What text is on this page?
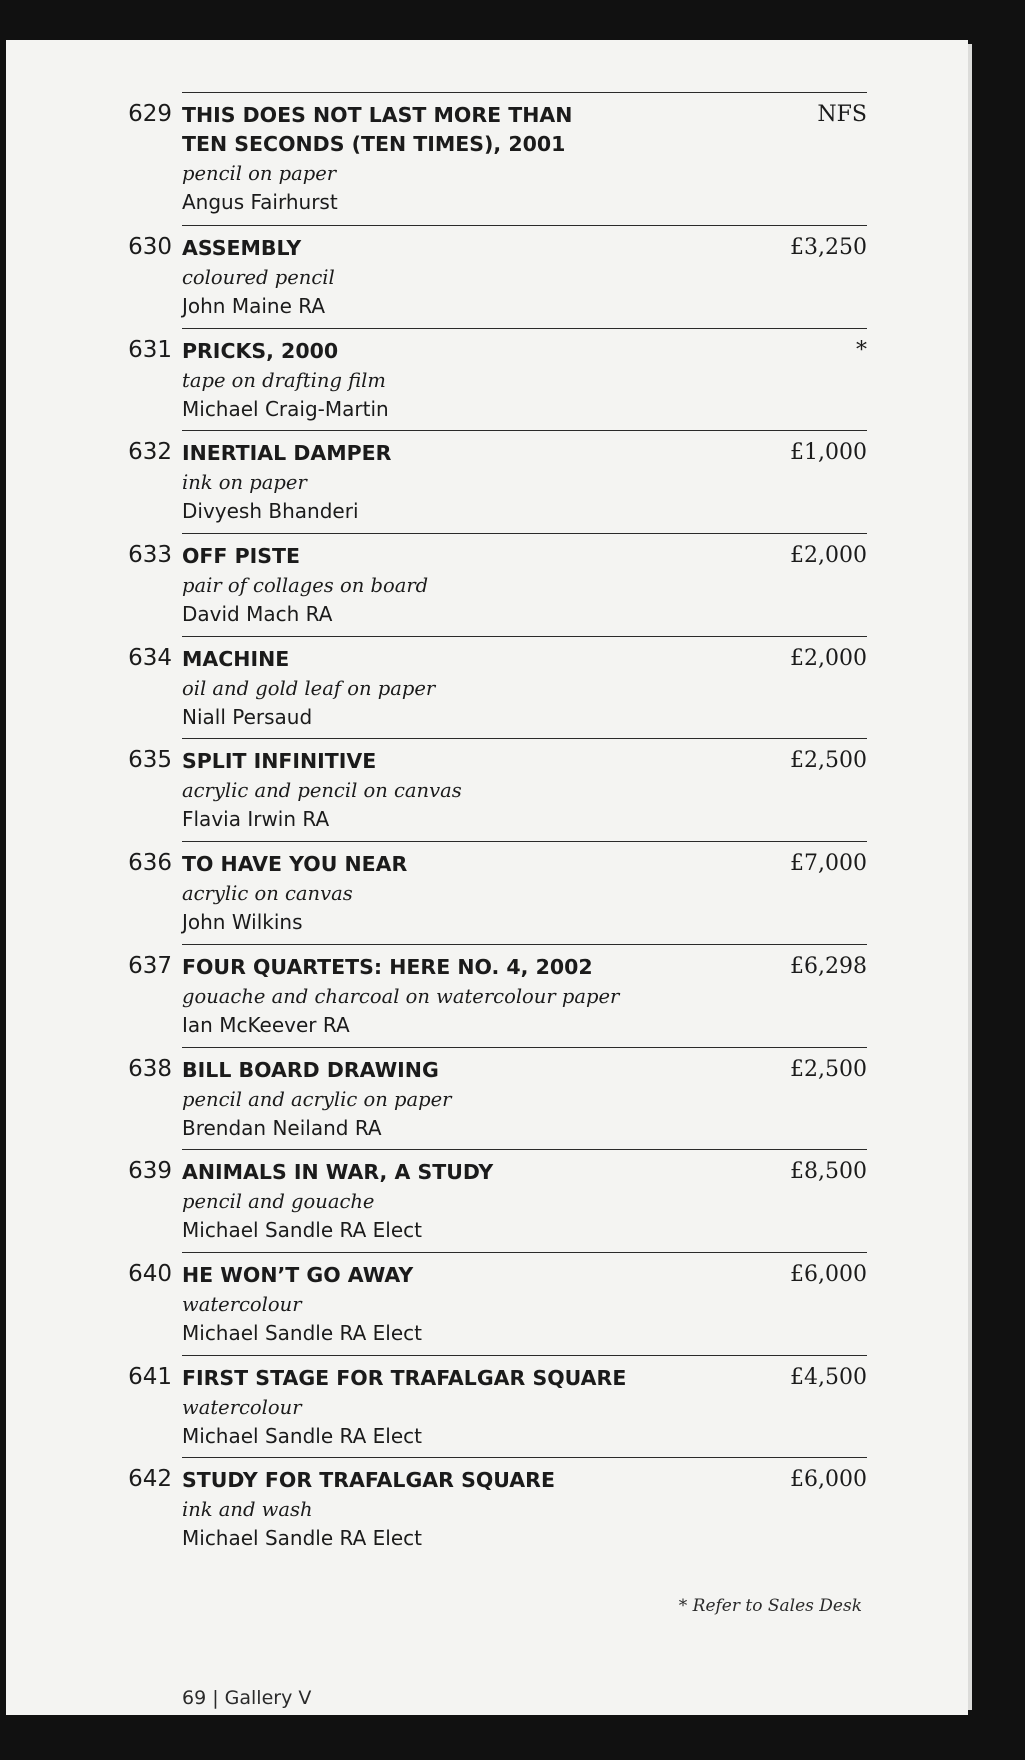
629 THIS DOES NOT LAST MORE THAN
TEN SECONDS (TEN TIMES), 2001
pencil on paper
Angus Fairhurst
NFS
630 ASSEMBLY
coloured pencil
John Maine RA
£3,250
631 PRICKS, 2000
tape on drafting film
Michael Craig-Martin
*
632 INERTIAL DAMPER
ink on paper
Divyesh Bhanderi
£1,000
633 OFF PISTE
pair of collages on board
David Mach RA
£2,000
634 MACHINE
oil and gold leaf on paper
Niall Persaud
£2,000
635 SPLIT INFINITIVE
acrylic and pencil on canvas
Flavia Irwin RA
£2,500
636 TO HAVE YOU NEAR
acrylic on canvas
John Wilkins
£7,000
637 FOUR QUARTETS: HERE NO. 4, 2002
gouache and charcoal on watercolour paper
Ian McKeever RA
£6,298
638 BILL BOARD DRAWING
pencil and acrylic on paper
Brendan Neiland RA
£2,500
639 ANIMALS IN WAR, A STUDY
pencil and gouache
Michael Sandle RA Elect
£8,500
640 HE WON’T GO AWAY
watercolour
Michael Sandle RA Elect
£6,000
641 FIRST STAGE FOR TRAFALGAR SQUARE
watercolour
Michael Sandle RA Elect
£4,500
642 STUDY FOR TRAFALGAR SQUARE
ink and wash
Michael Sandle RA Elect
£6,000
* Refer to Sales Desk
69 | Gallery V
